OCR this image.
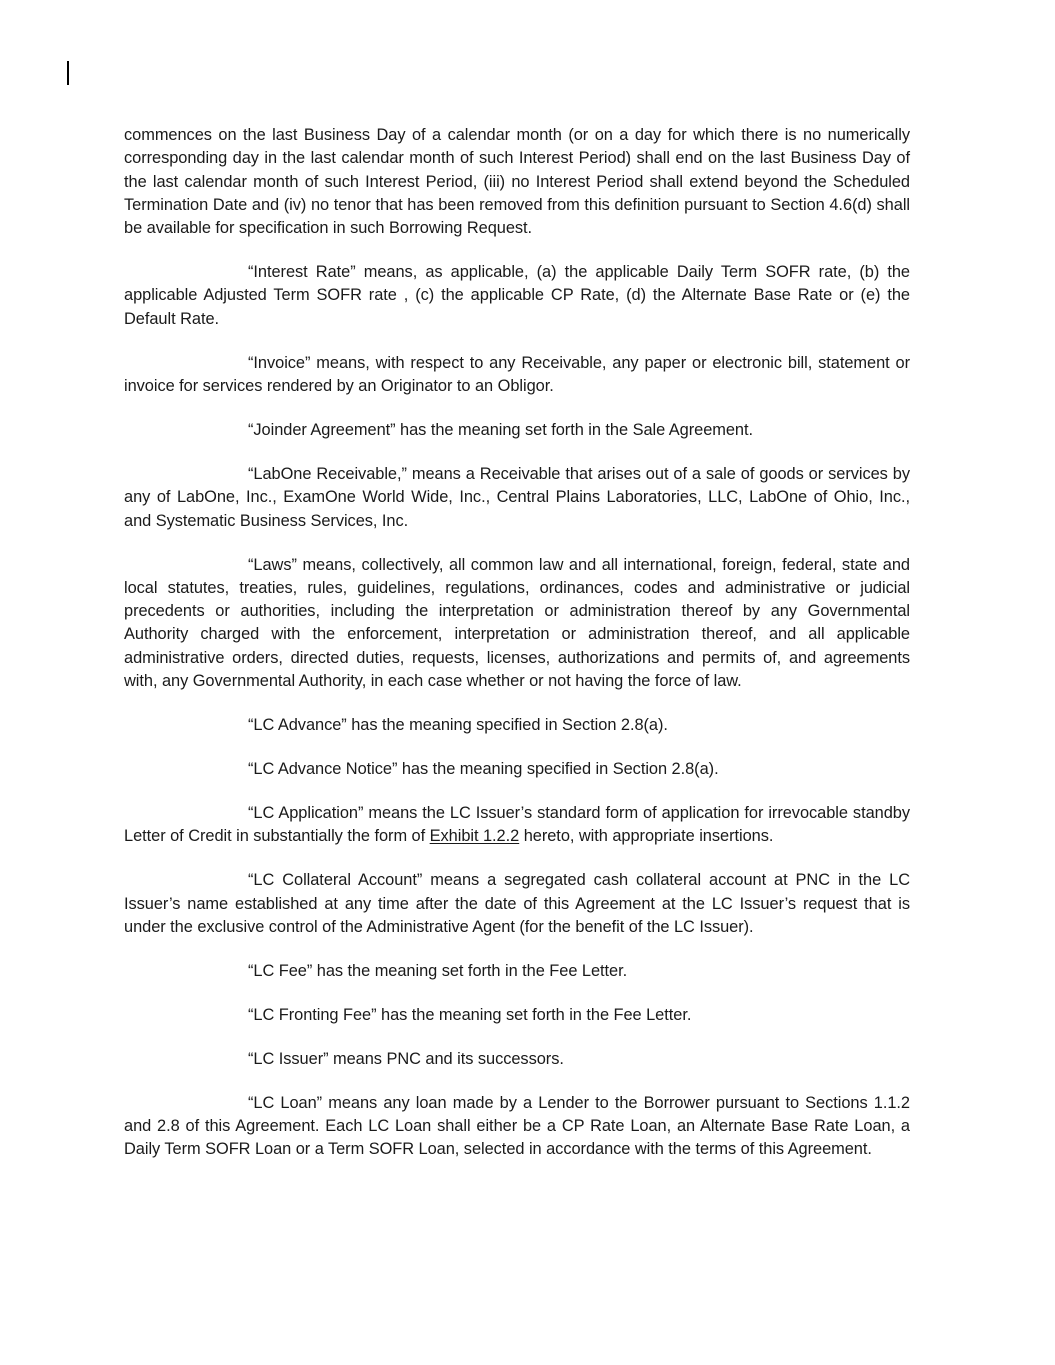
commences on the last Business Day of a calendar month (or on a day for which there is no numerically corresponding day in the last calendar month of such Interest Period) shall end on the last Business Day of the last calendar month of such Interest Period, (iii) no Interest Period shall extend beyond the Scheduled Termination Date and (iv) no tenor that has been removed from this definition pursuant to Section 4.6(d) shall be available for specification in such Borrowing Request.

“Interest Rate” means, as applicable, (a) the applicable Daily Term SOFR rate, (b) the applicable Adjusted Term SOFR rate , (c) the applicable CP Rate, (d) the Alternate Base Rate or (e) the Default Rate.

“Invoice” means, with respect to any Receivable, any paper or electronic bill, statement or invoice for services rendered by an Originator to an Obligor.

“Joinder Agreement” has the meaning set forth in the Sale Agreement.

“LabOne Receivable,” means a Receivable that arises out of a sale of goods or services by any of LabOne, Inc., ExamOne World Wide, Inc., Central Plains Laboratories, LLC, LabOne of Ohio, Inc., and Systematic Business Services, Inc.

“Laws” means, collectively, all common law and all international, foreign, federal, state and local statutes, treaties, rules, guidelines, regulations, ordinances, codes and administrative or judicial precedents or authorities, including the interpretation or administration thereof by any Governmental Authority charged with the enforcement, interpretation or administration thereof, and all applicable administrative orders, directed duties, requests, licenses, authorizations and permits of, and agreements with, any Governmental Authority, in each case whether or not having the force of law.

“LC Advance” has the meaning specified in Section 2.8(a).

“LC Advance Notice” has the meaning specified in Section 2.8(a).

“LC Application” means the LC Issuer’s standard form of application for irrevocable standby Letter of Credit in substantially the form of Exhibit 1.2.2 hereto, with appropriate insertions.

“LC Collateral Account” means a segregated cash collateral account at PNC in the LC Issuer’s name established at any time after the date of this Agreement at the LC Issuer’s request that is under the exclusive control of the Administrative Agent (for the benefit of the LC Issuer).

“LC Fee” has the meaning set forth in the Fee Letter.

“LC Fronting Fee” has the meaning set forth in the Fee Letter.

“LC Issuer” means PNC and its successors.

“LC Loan” means any loan made by a Lender to the Borrower pursuant to Sections 1.1.2 and 2.8 of this Agreement. Each LC Loan shall either be a CP Rate Loan, an Alternate Base Rate Loan, a Daily Term SOFR Loan or a Term SOFR Loan, selected in accordance with the terms of this Agreement.
